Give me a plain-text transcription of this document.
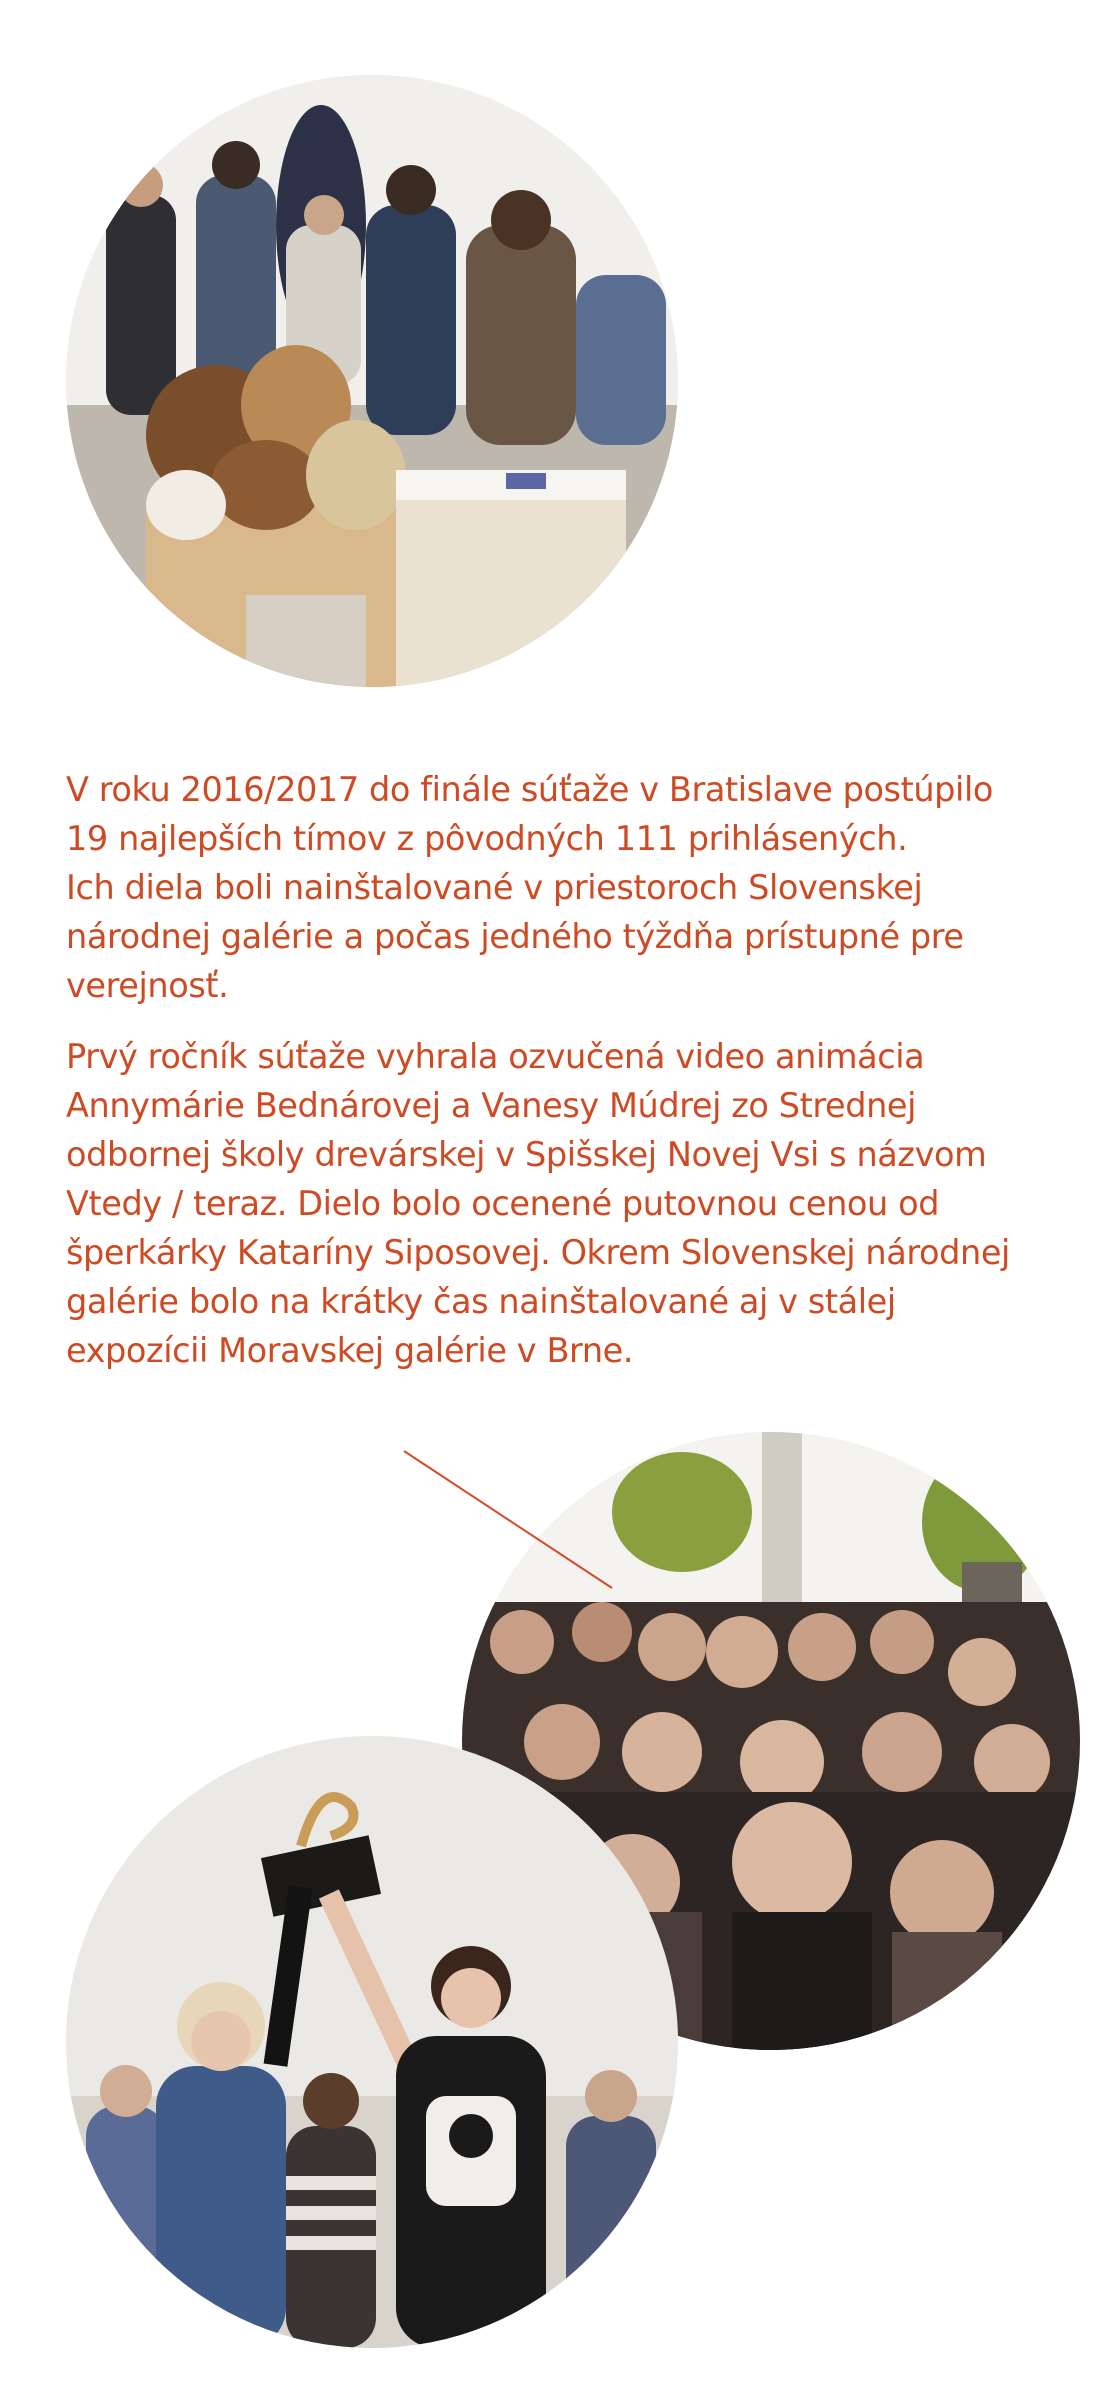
V roku 2016/2017 do finále súťaže v Bratislave postúpilo
19 najlepších tímov z pôvodných 111 prihlásených.
Ich diela boli nainštalované v priestoroch Slovenskej
národnej galérie a počas jedného týždňa prístupné pre
verejnosť.
Prvý ročník súťaže vyhrala ozvučená video animácia
Annymárie Bednárovej a Vanesy Múdrej zo Strednej
odbornej školy drevárskej v Spišskej Novej Vsi s názvom
Vtedy / teraz. Dielo bolo ocenené putovnou cenou od
šperkárky Kataríny Siposovej. Okrem Slovenskej národnej
galérie bolo na krátky čas nainštalované aj v stálej
expozícii Moravskej galérie v Brne.
